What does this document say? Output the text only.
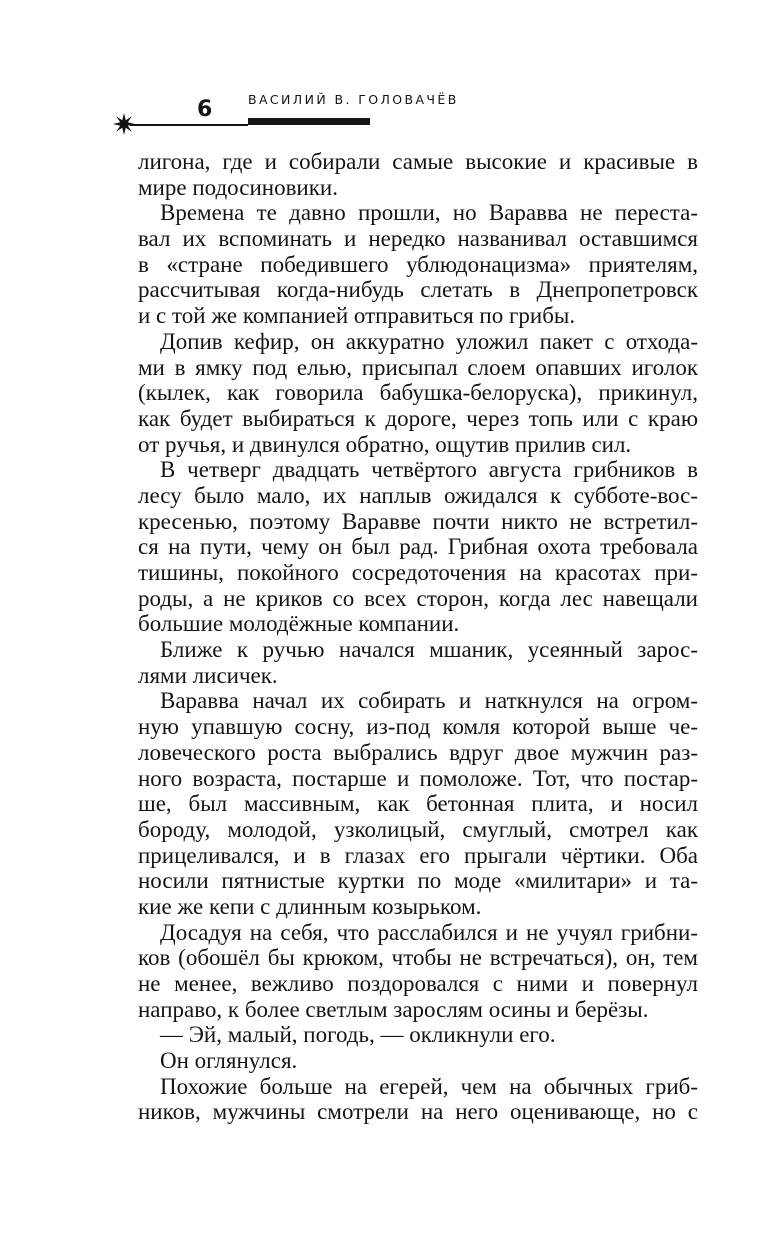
6	ВАСИЛИЙ В. ГОЛОВАЧЁВ
лигона, где и собирали самые высокие и красивые в
мире подосиновики.
Времена те давно прошли, но Варавва не переста-
вал их вспоминать и нередко названивал оставшимся
в «стране победившего ублюдонацизма» приятелям,
рассчитывая когда-нибудь слетать в Днепропетровск
и с той же компанией отправиться по грибы.
Допив кефир, он аккуратно уложил пакет с отхода-
ми в ямку под елью, присыпал слоем опавших иголок
(кылек, как говорила бабушка-белоруска), прикинул,
как будет выбираться к дороге, через топь или с краю
от ручья, и двинулся обратно, ощутив прилив сил.
В четверг двадцать четвёртого августа грибников в
лесу было мало, их наплыв ожидался к субботе-вос-
кресенью, поэтому Варавве почти никто не встретил-
ся на пути, чему он был рад. Грибная охота требовала
тишины, покойного сосредоточения на красотах при-
роды, а не криков со всех сторон, когда лес навещали
большие молодёжные компании.
Ближе к ручью начался мшаник, усеянный зарос-
лями лисичек.
Варавва начал их собирать и наткнулся на огром-
ную упавшую сосну, из-под комля которой выше че-
ловеческого роста выбрались вдруг двое мужчин раз-
ного возраста, постарше и помоложе. Тот, что постар-
ше, был массивным, как бетонная плита, и носил
бороду, молодой, узколицый, смуглый, смотрел как
прицеливался, и в глазах его прыгали чёртики. Оба
носили пятнистые куртки по моде «милитари» и та-
кие же кепи с длинным козырьком.
Досадуя на себя, что расслабился и не учуял грибни-
ков (обошёл бы крюком, чтобы не встречаться), он, тем
не менее, вежливо поздоровался с ними и повернул
направо, к более светлым зарослям осины и берёзы.
— Эй, малый, погодь, — окликнули его.
Он оглянулся.
Похожие больше на егерей, чем на обычных гриб-
ников, мужчины смотрели на него оценивающе, но с
